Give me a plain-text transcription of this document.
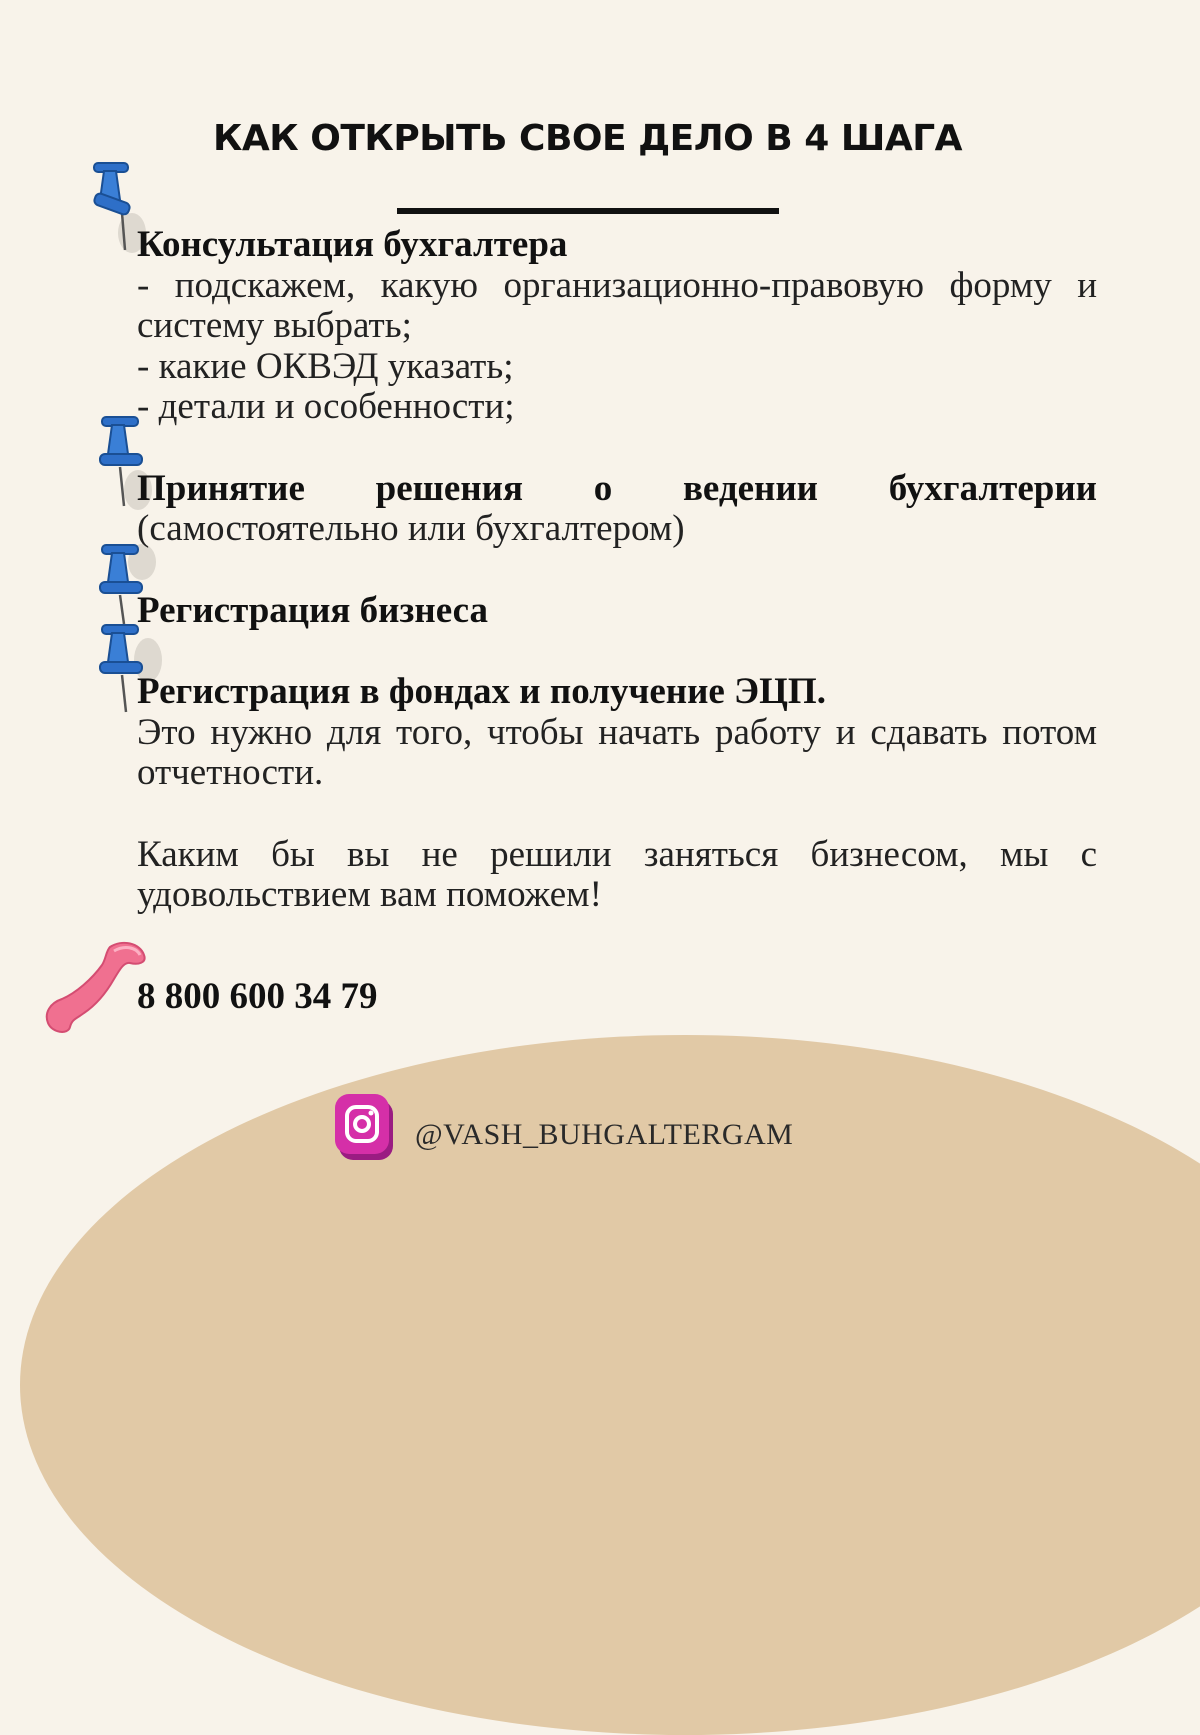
КАК ОТКРЫТЬ СВОЕ ДЕЛО В 4 ШАГА

Консультация бухгалтера

- подскажем, какую организационно-правовую форму и

систему выбрать;

- какие ОКВЭД указать;

- детали и особенности;

Принятие решения о ведении бухгалтерии

(самостоятельно или бухгалтером)

Регистрация бизнеса

Регистрация в фондах и получение ЭЦП.

Это нужно для того, чтобы начать работу и сдавать потом

отчетности.

Каким бы вы не решили заняться бизнесом, мы с

удовольствием вам поможем!

8 800 600 34 79

@VASH_BUHGALTERGAM
